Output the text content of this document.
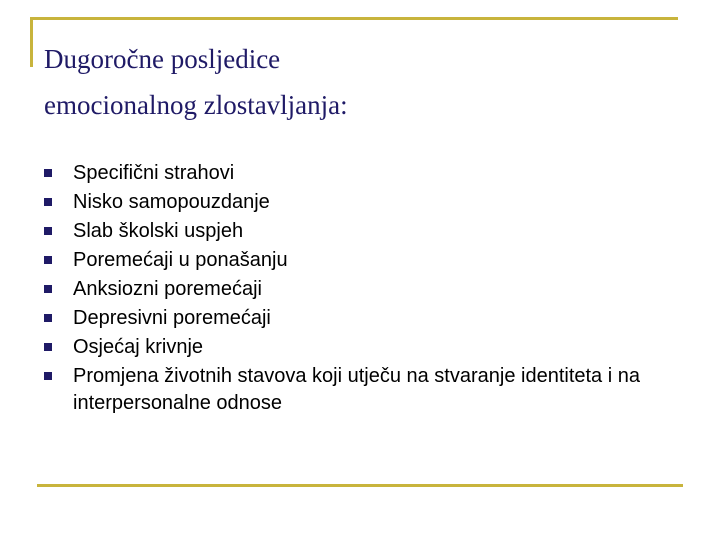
Dugoročne posljedice
emocionalnog zlostavljanja:
Specifični strahovi
Nisko samopouzdanje
Slab školski uspjeh
Poremećaji u ponašanju
Anksiozni poremećaji
Depresivni poremećaji
Osjećaj krivnje
Promjena životnih stavova koji utječu na stvaranje identiteta i na interpersonalne odnose
